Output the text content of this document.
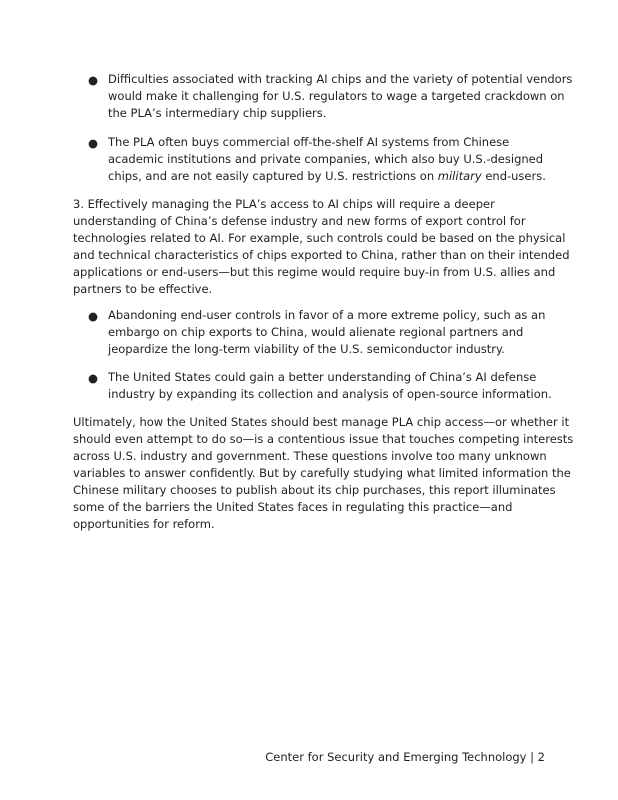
● Difficulties associated with tracking AI chips and the variety of potential vendors
would make it challenging for U.S. regulators to wage a targeted crackdown on
the PLA’s intermediary chip suppliers.

● The PLA often buys commercial off-the-shelf AI systems from Chinese
academic institutions and private companies, which also buy U.S.-designed
chips, and are not easily captured by U.S. restrictions on military end-users.

3. Effectively managing the PLA’s access to AI chips will require a deeper
understanding of China’s defense industry and new forms of export control for
technologies related to AI. For example, such controls could be based on the physical
and technical characteristics of chips exported to China, rather than on their intended
applications or end-users—but this regime would require buy-in from U.S. allies and
partners to be effective.

● Abandoning end-user controls in favor of a more extreme policy, such as an
embargo on chip exports to China, would alienate regional partners and
jeopardize the long-term viability of the U.S. semiconductor industry.

● The United States could gain a better understanding of China’s AI defense
industry by expanding its collection and analysis of open-source information.

Ultimately, how the United States should best manage PLA chip access—or whether it
should even attempt to do so—is a contentious issue that touches competing interests
across U.S. industry and government. These questions involve too many unknown
variables to answer confidently. But by carefully studying what limited information the
Chinese military chooses to publish about its chip purchases, this report illuminates
some of the barriers the United States faces in regulating this practice—and
opportunities for reform.

Center for Security and Emerging Technology | 2
